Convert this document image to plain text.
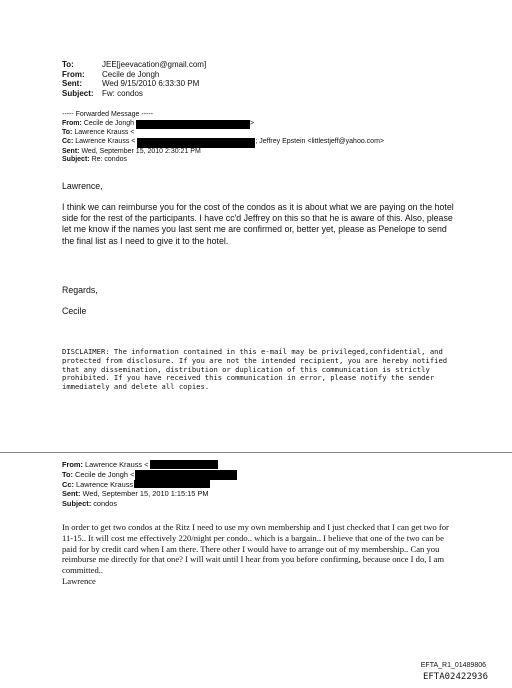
To:	JEE[jeevacation@gmail.com]
From:	Cecile de Jongh
Sent:	Wed 9/15/2010 6:33:30 PM
Subject:	Fw: condos
----- Forwarded Message -----
From: Cecile de Jongh	>
To: Lawrence Krauss <
Cc: Lawrence Krauss <	; Jeffrey Epstein <littlestjeff@yahoo.com>
Sent: Wed, September 15, 2010 2:30:21 PM
Subject: Re: condos
Lawrence,
I think we can reimburse you for the cost of the condos as it is about what we are paying on the hotel side for the rest of the participants. I have cc'd Jeffrey on this so that he is aware of this. Also, please let me know if the names you last sent me are confirmed or, better yet, please as Penelope to send the final list as I need to give it to the hotel.
Regards,
Cecile
DISCLAIMER: The information contained in this e-mail may be privileged,confidential, and protected from disclosure. If you are not the intended recipient, you are hereby notified that any dissemination, distribution or duplication of this communication is strictly prohibited. If you have received this communication in error, please notify the sender immediately and delete all copies.
From: Lawrence Krauss <
To: Cecile de Jongh <
Cc: Lawrence Krauss
Sent: Wed, September 15, 2010 1:15:15 PM
Subject: condos
In order to get two condos at the Ritz I need to use my own membership and I just checked that I can get two for 11-15.. It will cost me effectively 220/night per condo.. which is a bargain.. I believe that one of the two can be paid for by credit card when I am there. There other I would have to arrange out of my membership.. Can you reimburse me directly for that one? I will wait until I hear from you before confirming, because once I do, I am committed..
Lawrence
EFTA_R1_01489806
EFTA02422936
